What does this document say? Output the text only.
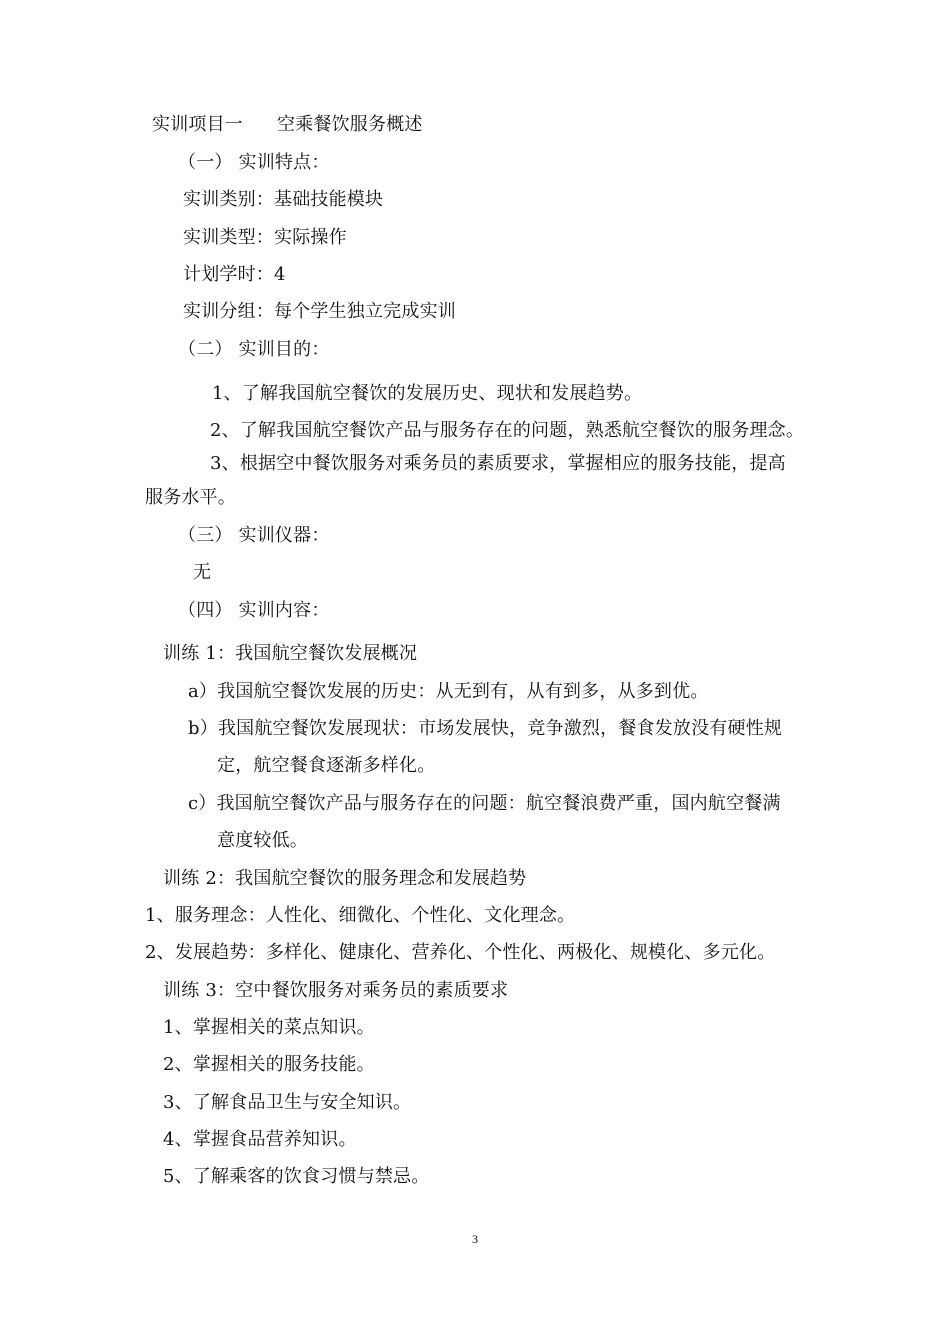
实训项目一 空乘餐饮服务概述
（一） 实训特点：
实训类别：基础技能模块
实训类型：实际操作
计划学时：4
实训分组：每个学生独立完成实训
（二） 实训目的：
1、了解我国航空餐饮的发展历史、现状和发展趋势。
2、了解我国航空餐饮产品与服务存在的问题，熟悉航空餐饮的服务理念。
3、根据空中餐饮服务对乘务员的素质要求，掌握相应的服务技能，提高
服务水平。
（三） 实训仪器：
无
（四） 实训内容：
训练 1：我国航空餐饮发展概况
a）我国航空餐饮发展的历史：从无到有，从有到多，从多到优。
b）我国航空餐饮发展现状：市场发展快，竞争激烈，餐食发放没有硬性规
定，航空餐食逐渐多样化。
c）我国航空餐饮产品与服务存在的问题：航空餐浪费严重，国内航空餐满
意度较低。
训练 2：我国航空餐饮的服务理念和发展趋势
1、服务理念：人性化、细微化、个性化、文化理念。
2、发展趋势：多样化、健康化、营养化、个性化、两极化、规模化、多元化。
训练 3：空中餐饮服务对乘务员的素质要求
1、掌握相关的菜点知识。
2、掌握相关的服务技能。
3、了解食品卫生与安全知识。
4、掌握食品营养知识。
5、了解乘客的饮食习惯与禁忌。
3
